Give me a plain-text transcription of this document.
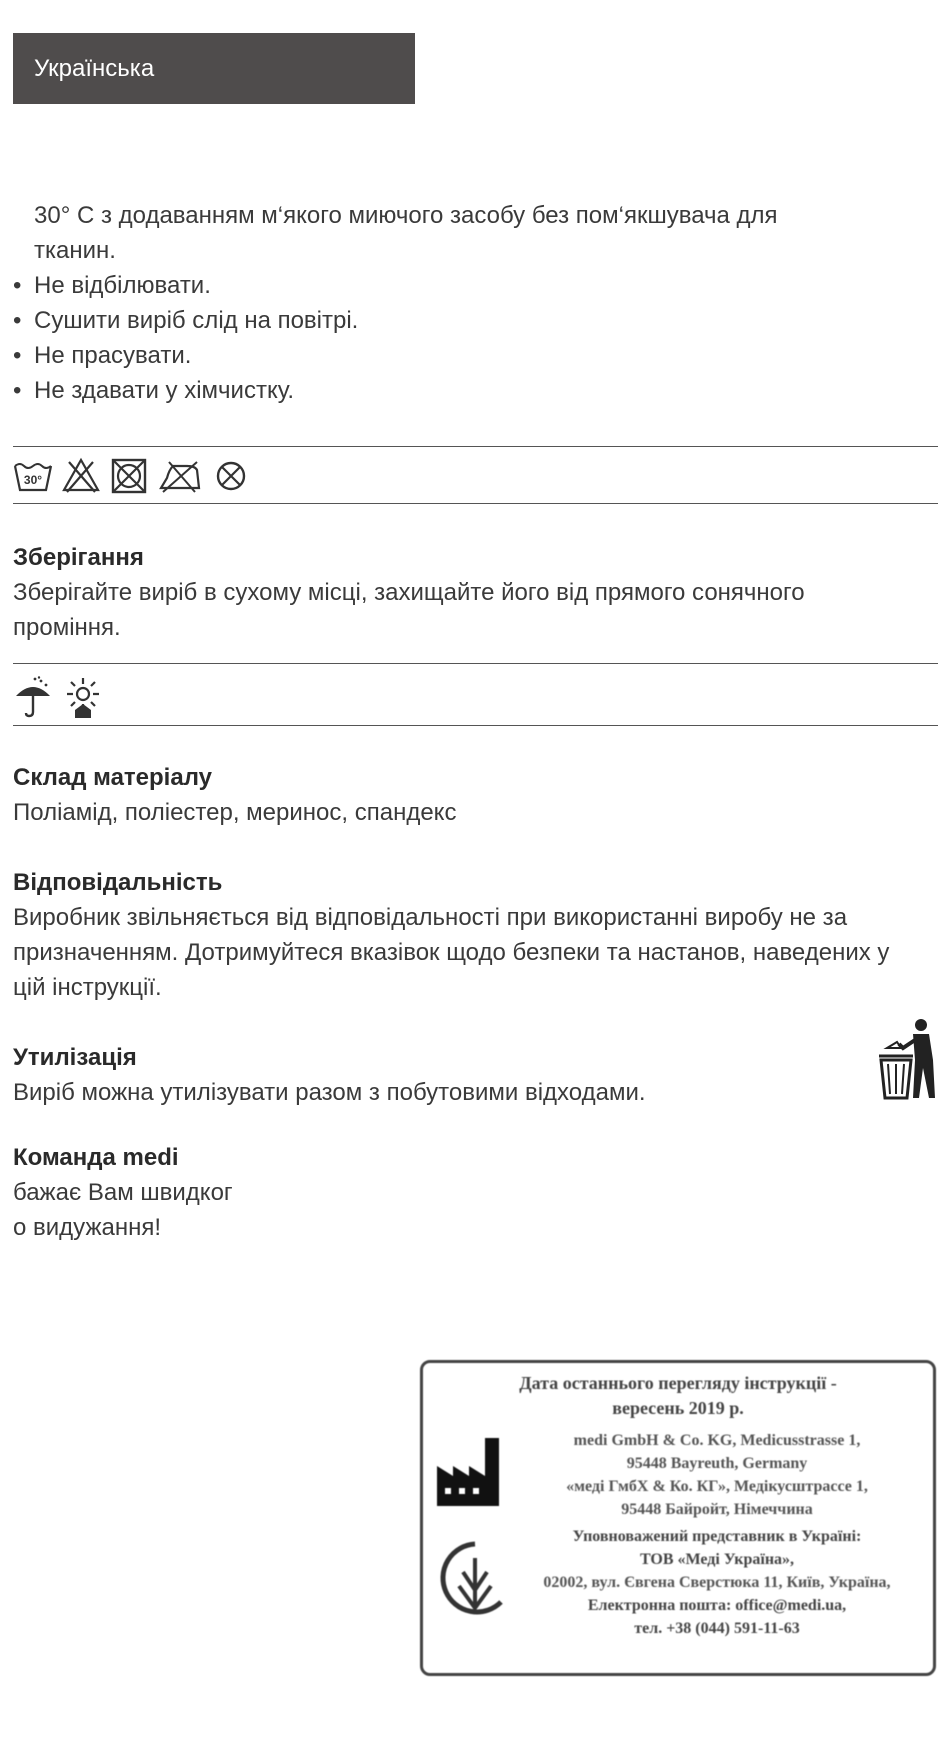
Українська
30° C з додаванням м‘якого миючого засобу без пом‘якшувача для
тканин.
• Не відбілювати.
• Сушити виріб слід на повітрі.
• Не прасувати.
• Не здавати у хімчистку.
30°
Зберігання

Зберігайте виріб в сухому місці, захищайте його від прямого сонячного проміння.

Склад матеріалу

Поліамід, поліестер, меринос, спандекс

Відповідальність

Виробник звільняється від відповідальності при використанні виробу не за призначенням. Дотримуйтеся вказівок щодо безпеки та настанов, наведених у цій інструкції.

Утилізація

Виріб можна утилізувати разом з побутовими відходами.

Команда medi

бажає Вам швидког

о видужання!

Дата останнього перегляду інструкції -
вересень 2019 р.
medi GmbH & Co. KG, Medicusstrasse 1,
95448 Bayreuth, Germany
«меді ГмбХ & Ко. КГ», Медікусштрассе 1,
95448 Байройт, Німеччина
Уповноважений представник в Україні:
ТОВ «Меді Україна»,
02002, вул. Євгена Сверстюка 11, Київ, Україна,
Електронна пошта: office@medi.ua,
тел. +38 (044) 591-11-63
